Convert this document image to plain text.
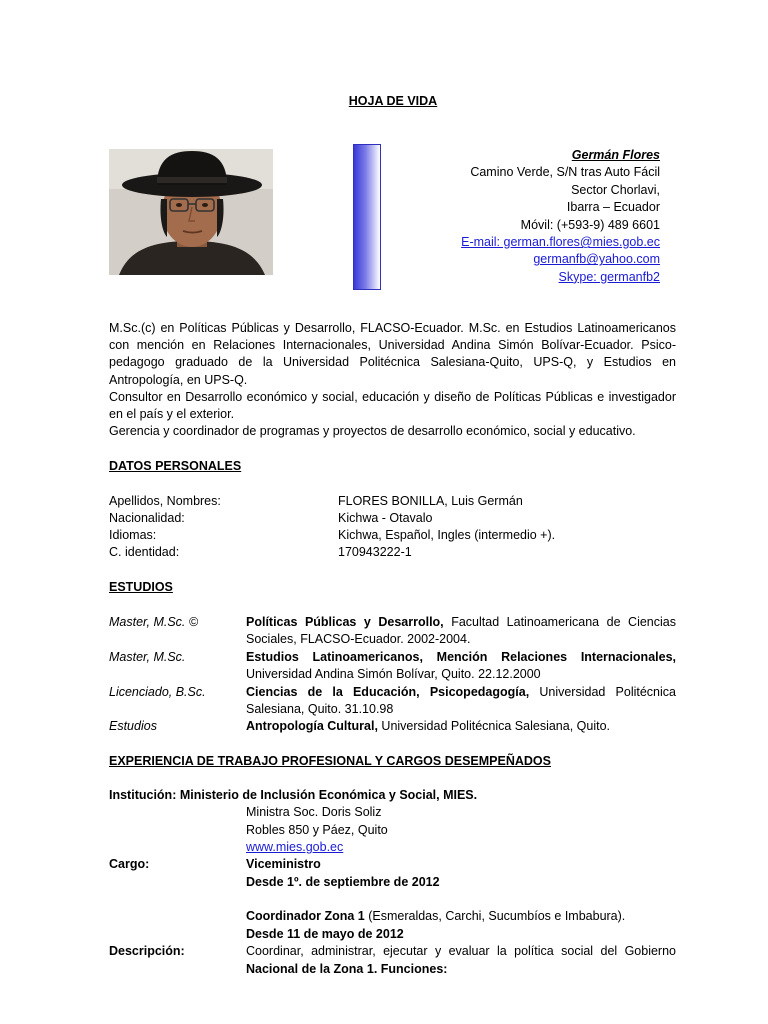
HOJA DE VIDA
Germán Flores
Camino Verde, S/N tras Auto Fácil
Sector Chorlavi,
Ibarra – Ecuador
Móvil: (+593-9) 489 6601
E-mail: german.flores@mies.gob.ec
germanfb@yahoo.com
Skype: germanfb2
M.Sc.(c) en Políticas Públicas y Desarrollo, FLACSO-Ecuador. M.Sc. en Estudios Latinoamericanos con mención en Relaciones Internacionales, Universidad Andina Simón Bolívar-Ecuador. Psico-pedagogo graduado de la Universidad Politécnica Salesiana-Quito, UPS-Q, y Estudios en Antropología, en UPS-Q.
Consultor en Desarrollo económico y social, educación y diseño de Políticas Públicas e investigador en el país y el exterior.
Gerencia y coordinador de programas y proyectos de desarrollo económico, social y educativo.
DATOS PERSONALES
Apellidos, Nombres:	FLORES BONILLA, Luis Germán
Nacionalidad:	Kichwa - Otavalo
Idiomas:	Kichwa, Español, Ingles (intermedio +).
C. identidad:	170943222-1
ESTUDIOS
Master, M.Sc. ©	Políticas Públicas y Desarrollo, Facultad Latinoamericana de Ciencias Sociales, FLACSO-Ecuador. 2002-2004.
Master, M.Sc.	Estudios Latinoamericanos, Mención Relaciones Internacionales, Universidad Andina Simón Bolívar, Quito. 22.12.2000
Licenciado, B.Sc.	Ciencias de la Educación, Psicopedagogía, Universidad Politécnica Salesiana, Quito. 31.10.98
Estudios	Antropología Cultural, Universidad Politécnica Salesiana, Quito.
EXPERIENCIA DE TRABAJO PROFESIONAL Y CARGOS DESEMPEÑADOS
Institución: Ministerio de Inclusión Económica y Social, MIES.
Ministra Soc. Doris Soliz
Robles 850 y Páez, Quito
www.mies.gob.ec
Cargo:	Viceministro
Desde 1º. de septiembre de 2012
Coordinador Zona 1 (Esmeraldas, Carchi, Sucumbíos e Imbabura).
Desde 11 de mayo de 2012
Descripción:	Coordinar, administrar, ejecutar y evaluar la política social del Gobierno Nacional de la Zona 1. Funciones:
